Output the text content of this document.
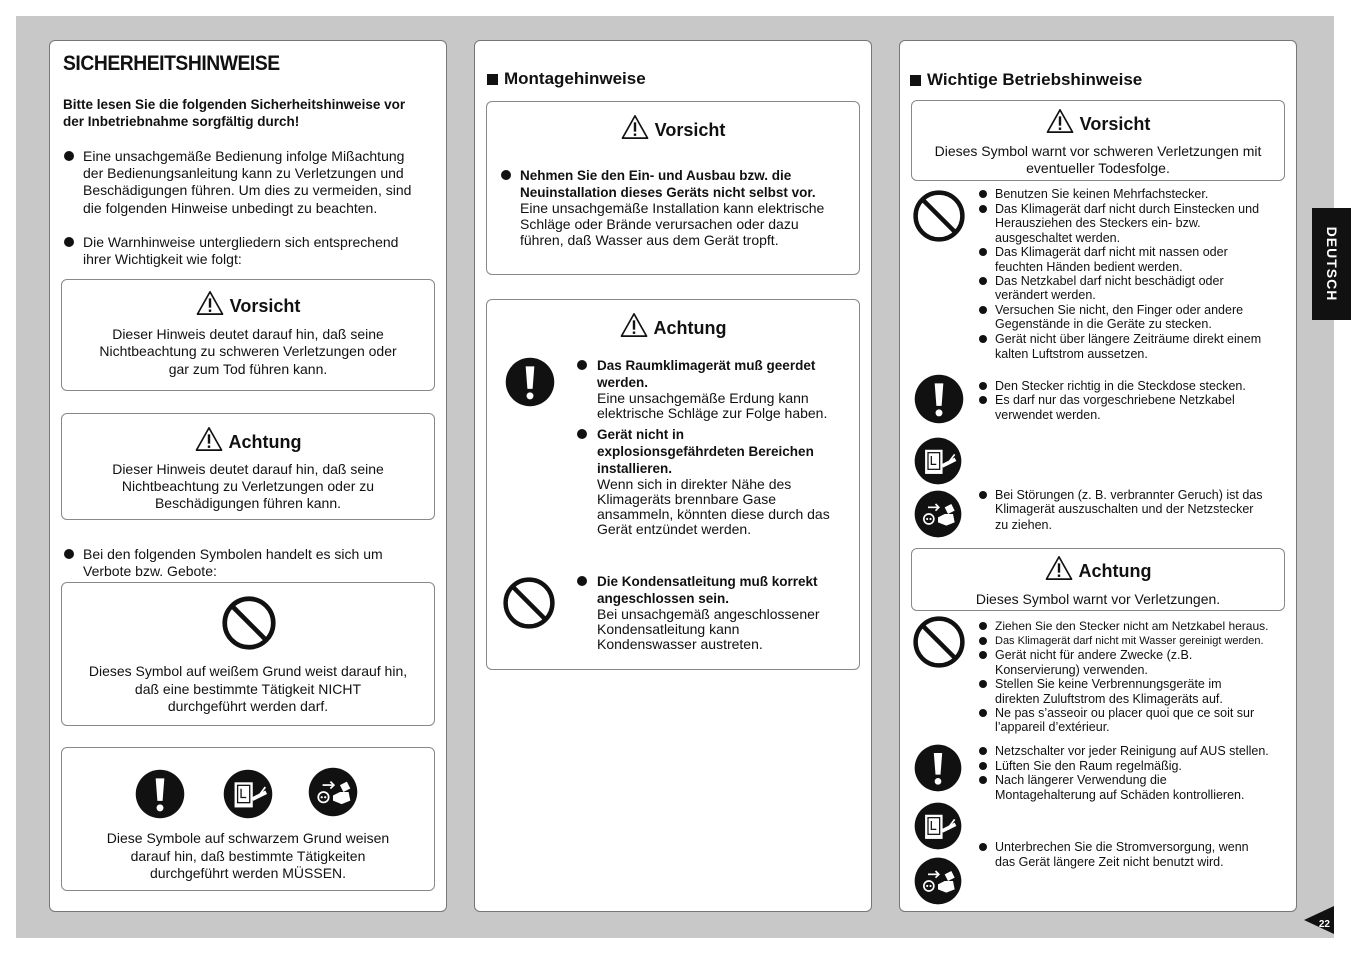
SICHERHEITSHINWEISE
Bitte lesen Sie die folgenden Sicherheitshinweise vor
der Inbetriebnahme sorgfältig durch!
Eine unsachgemäße Bedienung infolge Mißachtung
der Bedienungsanleitung kann zu Verletzungen und
Beschädigungen führen. Um dies zu vermeiden, sind
die folgenden Hinweise unbedingt zu beachten.
Die Warnhinweise untergliedern sich entsprechend
ihrer Wichtigkeit wie folgt:
Vorsicht
Dieser Hinweis deutet darauf hin, daß seine
Nichtbeachtung zu schweren Verletzungen oder
gar zum Tod führen kann.
Achtung
Dieser Hinweis deutet darauf hin, daß seine
Nichtbeachtung zu Verletzungen oder zu
Beschädigungen führen kann.
Bei den folgenden Symbolen handelt es sich um
Verbote bzw. Gebote:
Dieses Symbol auf weißem Grund weist darauf hin,
daß eine bestimmte Tätigkeit NICHT
durchgeführt werden darf.
Diese Symbole auf schwarzem Grund weisen
darauf hin, daß bestimmte Tätigkeiten
durchgeführt werden MÜSSEN.
Montagehinweise
Vorsicht
Nehmen Sie den Ein- und Ausbau bzw. die
Neuinstallation dieses Geräts nicht selbst vor.
Eine unsachgemäße Installation kann elektrische
Schläge oder Brände verursachen oder dazu
führen, daß Wasser aus dem Gerät tropft.
Achtung
Das Raumklimagerät muß geerdet
werden.
Eine unsachgemäße Erdung kann
elektrische Schläge zur Folge haben.
Gerät nicht in
explosionsgefährdeten Bereichen
installieren.
Wenn sich in direkter Nähe des
Klimageräts brennbare Gase
ansammeln, könnten diese durch das
Gerät entzündet werden.
Die Kondensatleitung muß korrekt
angeschlossen sein.
Bei unsachgemäß angeschlossener
Kondensatleitung kann
Kondenswasser austreten.
Wichtige Betriebshinweise
Vorsicht
Dieses Symbol warnt vor schweren Verletzungen mit
eventueller Todesfolge.
Benutzen Sie keinen Mehrfachstecker.
Das Klimagerät darf nicht durch Einstecken und
Herausziehen des Steckers ein- bzw.
ausgeschaltet werden.
Das Klimagerät darf nicht mit nassen oder
feuchten Händen bedient werden.
Das Netzkabel darf nicht beschädigt oder
verändert werden.
Versuchen Sie nicht, den Finger oder andere
Gegenstände in die Geräte zu stecken.
Gerät nicht über längere Zeiträume direkt einem
kalten Luftstrom aussetzen.
Den Stecker richtig in die Steckdose stecken.
Es darf nur das vorgeschriebene Netzkabel
verwendet werden.
Bei Störungen (z. B. verbrannter Geruch) ist das
Klimagerät auszuschalten und der Netzstecker
zu ziehen.
Achtung
Dieses Symbol warnt vor Verletzungen.
Ziehen Sie den Stecker nicht am Netzkabel heraus.
Das Klimagerät darf nicht mit Wasser gereinigt werden.
Gerät nicht für andere Zwecke (z.B.
Konservierung) verwenden.
Stellen Sie keine Verbrennungsgeräte im
direkten Zuluftstrom des Klimageräts auf.
Ne pas s’asseoir ou placer quoi que ce soit sur
l’appareil d’extérieur.
Netzschalter vor jeder Reinigung auf AUS stellen.
Lüften Sie den Raum regelmäßig.
Nach längerer Verwendung die
Montagehalterung auf Schäden kontrollieren.
Unterbrechen Sie die Stromversorgung, wenn
das Gerät längere Zeit nicht benutzt wird.
DEUTSCH
22
